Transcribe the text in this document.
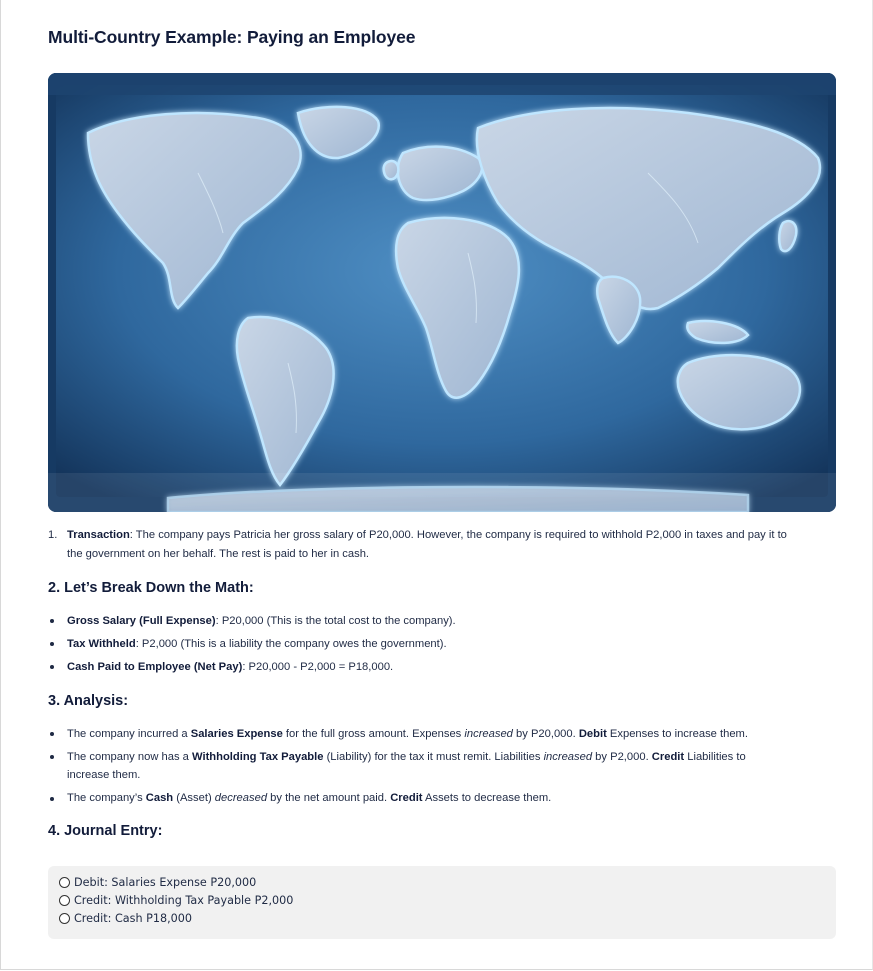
Multi-Country Example: Paying an Employee
1. Transaction: The company pays Patricia her gross salary of P20,000. However, the company is required to withhold P2,000 in taxes and pay it to
the government on her behalf. The rest is paid to her in cash.
2. Let’s Break Down the Math:
Gross Salary (Full Expense): P20,000 (This is the total cost to the company).
Tax Withheld: P2,000 (This is a liability the company owes the government).
Cash Paid to Employee (Net Pay): P20,000 - P2,000 = P18,000.
3. Analysis:
The company incurred a Salaries Expense for the full gross amount. Expenses increased by P20,000. Debit Expenses to increase them.
The company now has a Withholding Tax Payable (Liability) for the tax it must remit. Liabilities increased by P2,000. Credit Liabilities to
increase them.
The company’s Cash (Asset) decreased by the net amount paid. Credit Assets to decrease them.
4. Journal Entry:
Debit: Salaries Expense P20,000
Credit: Withholding Tax Payable P2,000
Credit: Cash P18,000
